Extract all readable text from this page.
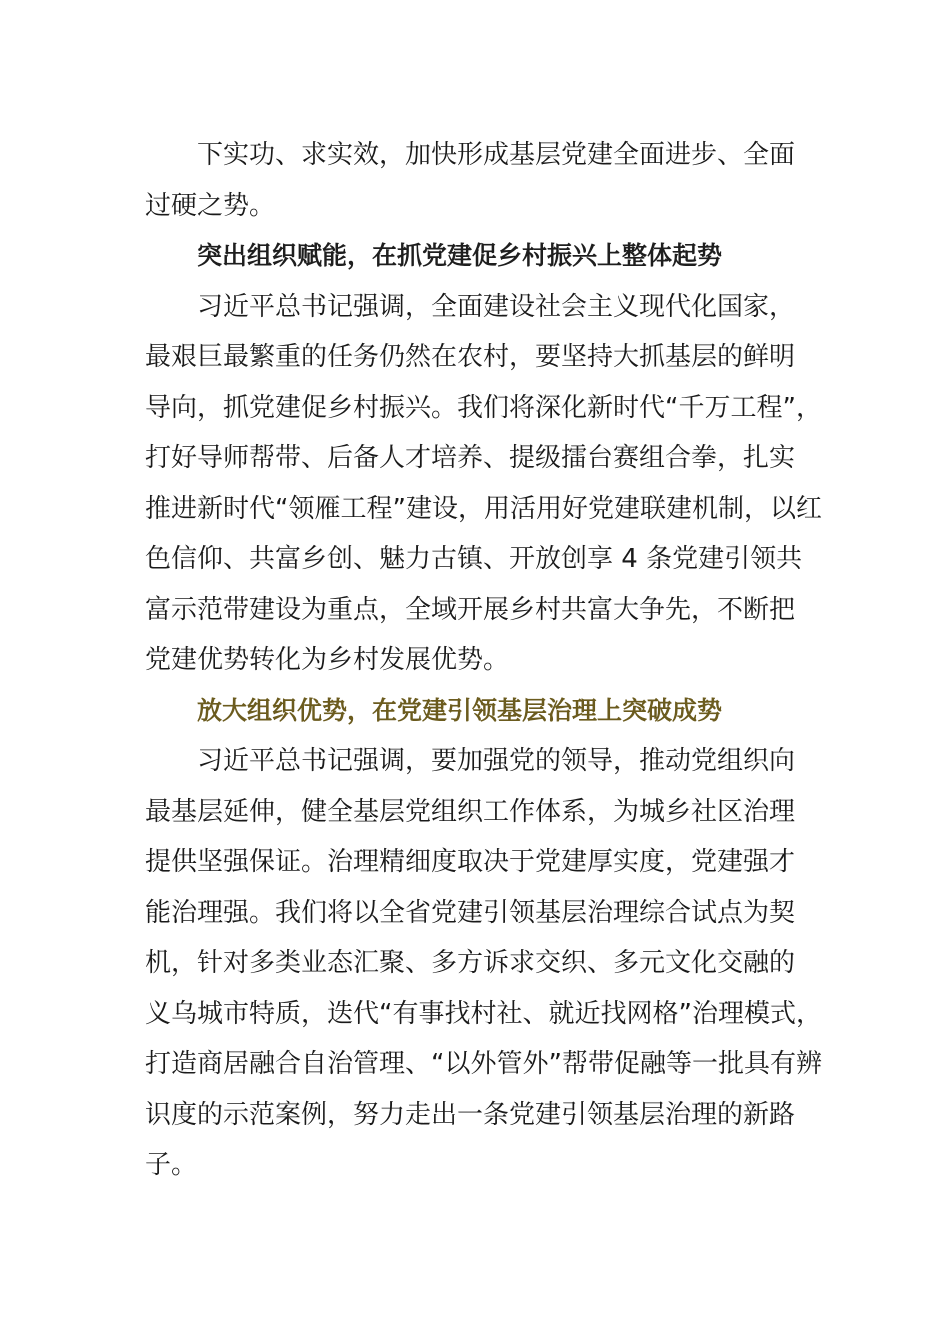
下实功、求实效，加快形成基层党建全面进步、全面
过硬之势。
突出组织赋能，在抓党建促乡村振兴上整体起势
习近平总书记强调，全面建设社会主义现代化国家，
最艰巨最繁重的任务仍然在农村，要坚持大抓基层的鲜明
导向，抓党建促乡村振兴。我们将深化新时代“千万工程”，
打好导师帮带、后备人才培养、提级擂台赛组合拳，扎实
推进新时代“领雁工程”建设，用活用好党建联建机制，以红
色信仰、共富乡创、魅力古镇、开放创享 4 条党建引领共
富示范带建设为重点，全域开展乡村共富大争先，不断把
党建优势转化为乡村发展优势。
放大组织优势，在党建引领基层治理上突破成势
习近平总书记强调，要加强党的领导，推动党组织向
最基层延伸，健全基层党组织工作体系，为城乡社区治理
提供坚强保证。治理精细度取决于党建厚实度，党建强才
能治理强。我们将以全省党建引领基层治理综合试点为契
机，针对多类业态汇聚、多方诉求交织、多元文化交融的
义乌城市特质，迭代“有事找村社、就近找网格”治理模式，
打造商居融合自治管理、“以外管外”帮带促融等一批具有辨
识度的示范案例，努力走出一条党建引领基层治理的新路
子。
